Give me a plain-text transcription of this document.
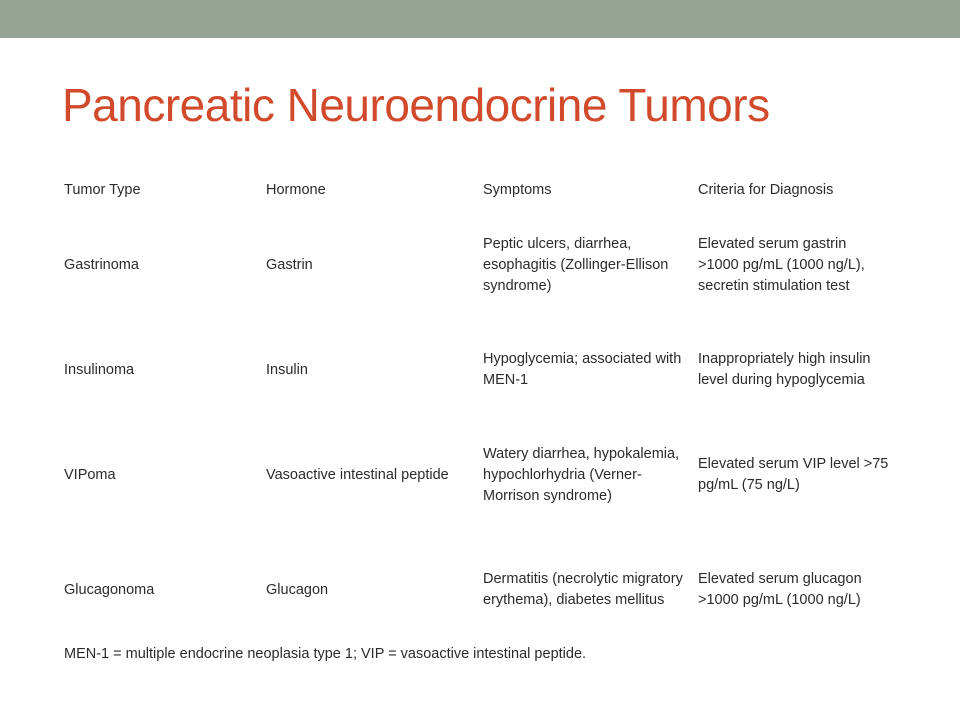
Pancreatic Neuroendocrine Tumors
Tumor Type	Hormone	Symptoms	Criteria for Diagnosis
Gastrinoma	Gastrin	Peptic ulcers, diarrhea, esophagitis (Zollinger-Ellison syndrome)	Elevated serum gastrin >1000 pg/mL (1000 ng/L), secretin stimulation test
Insulinoma	Insulin	Hypoglycemia; associated with MEN-1	Inappropriately high insulin level during hypoglycemia
VIPoma	Vasoactive intestinal peptide	Watery diarrhea, hypokalemia, hypochlorhydria (Verner-Morrison syndrome)	Elevated serum VIP level >75 pg/mL (75 ng/L)
Glucagonoma	Glucagon	Dermatitis (necrolytic migratory erythema), diabetes mellitus	Elevated serum glucagon >1000 pg/mL (1000 ng/L)

MEN-1 = multiple endocrine neoplasia type 1; VIP = vasoactive intestinal peptide.
